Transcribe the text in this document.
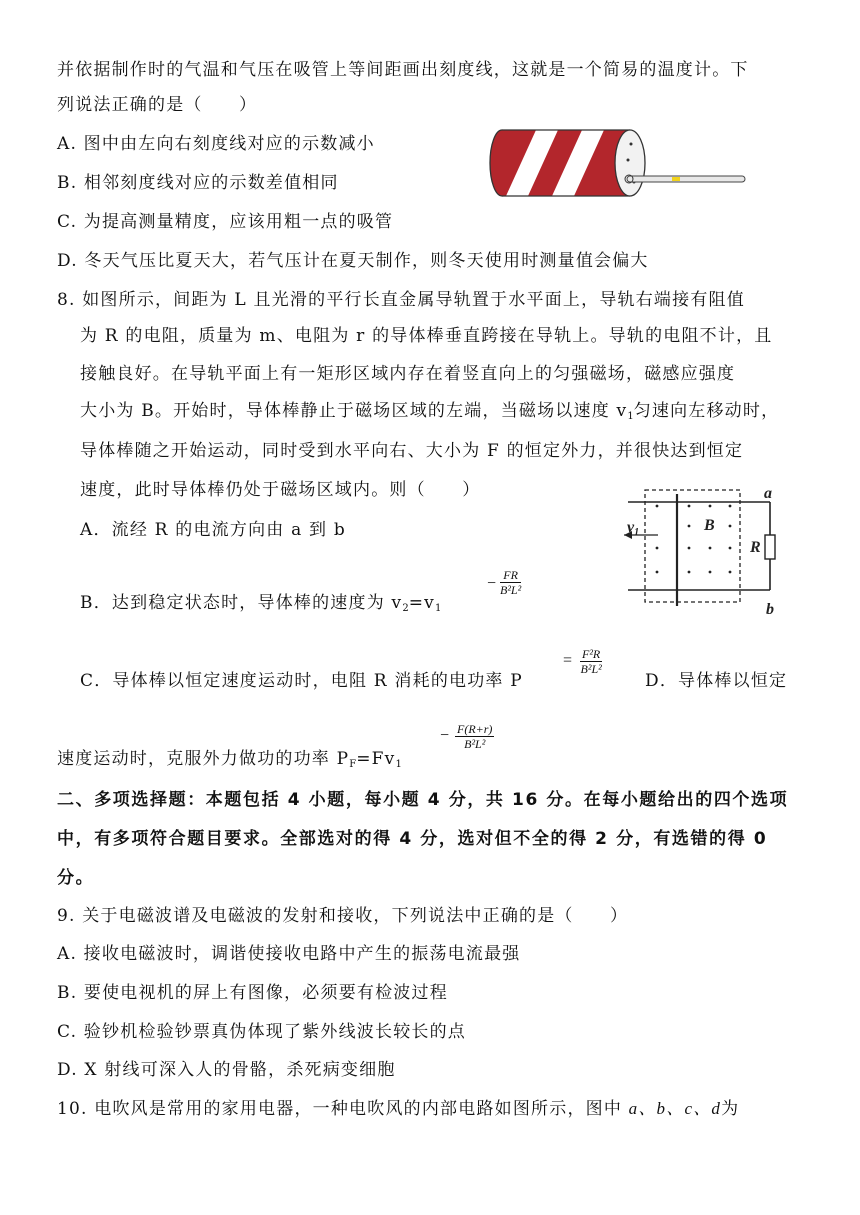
并依据制作时的气温和气压在吸管上等间距画出刻度线，这就是一个简易的温度计。下
列说法正确的是（　　）
A. 图中由左向右刻度线对应的示数减小
B. 相邻刻度线对应的示数差值相同
C. 为提高测量精度，应该用粗一点的吸管
D. 冬天气压比夏天大，若气压计在夏天制作，则冬天使用时测量值会偏大
8. 如图所示，间距为 L 且光滑的平行长直金属导轨置于水平面上，导轨右端接有阻值
为 R 的电阻，质量为 m、电阻为 r 的导体棒垂直跨接在导轨上。导轨的电阻不计，且
接触良好。在导轨平面上有一矩形区域内存在着竖直向上的匀强磁场，磁感应强度
大小为 B。开始时，导体棒静止于磁场区域的左端，当磁场以速度 $v_1$匀速向左移动时，
导体棒随之开始运动，同时受到水平向右、大小为 F 的恒定外力，并很快达到恒定
速度，此时导体棒仍处于磁场区域内。则（　　）
A．流经 R 的电流方向由 a 到 b
B．达到稳定状态时，导体棒的速度为 $v_2=v_1$
− $\frac{FR}{\text{B²L²}}$
C．导体棒以恒定速度运动时，电阻 R 消耗的电功率 P
= $\frac{\text{F²R}}{\text{B²L²}}$
D．导体棒以恒定
速度运动时，克服外力做功的功率 $P_F=Fv_1$
− $\frac{F(R+r)}{\text{B²L²}}$
v1	B
R
a
b
二、多项选择题：本题包括 4 小题，每小题 4 分，共 16 分。在每小题给出的四个选项
中，有多项符合题目要求。全部选对的得 4 分，选对但不全的得 2 分，有选错的得 0
分。
9. 关于电磁波谱及电磁波的发射和接收，下列说法中正确的是（　　）
A. 接收电磁波时，调谐使接收电路中产生的振荡电流最强
B. 要使电视机的屏上有图像，必须要有检波过程
C. 验钞机检验钞票真伪体现了紫外线波长较长的点
D. X 射线可深入人的骨骼，杀死病变细胞
10. 电吹风是常用的家用电器，一种电吹风的内部电路如图所示，图中 a、b、c、d为
